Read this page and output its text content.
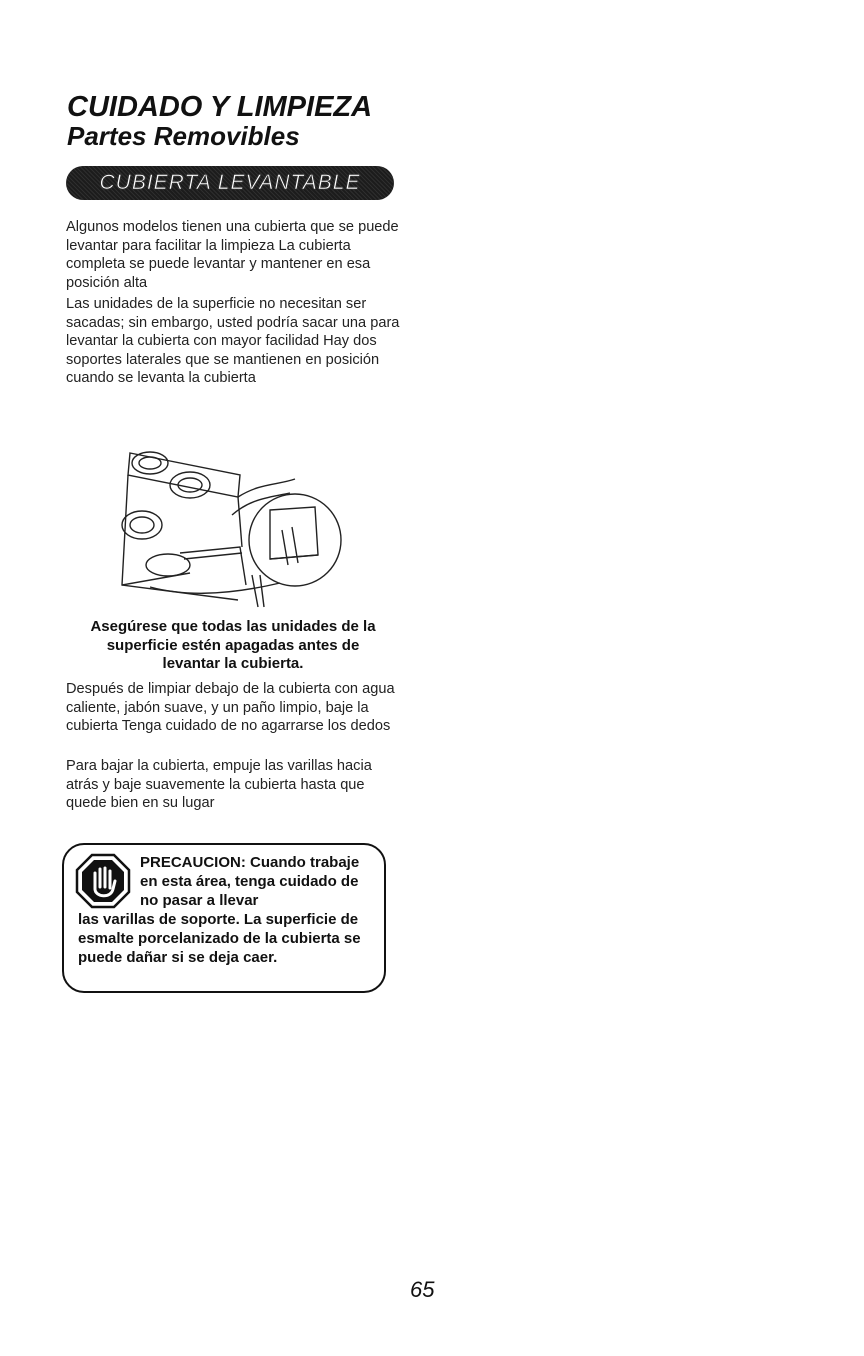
CUIDADO Y LIMPIEZA
Partes Removibles
CUBIERTA LEVANTABLE

Algunos modelos tienen una cubierta que se puede levantar para facilitar la limpieza La cubierta completa se puede levantar y mantener en esa posición alta

Las unidades de la superficie no necesitan ser sacadas; sin embargo, usted podría sacar una para levantar la cubierta con mayor facilidad Hay dos soportes laterales que se mantienen en posición cuando se levanta la cubierta

Asegúrese que todas las unidades de la superficie estén apagadas antes de levantar la cubierta.

Después de limpiar debajo de la cubierta con agua caliente, jabón suave, y un paño limpio, baje la cubierta Tenga cuidado de no agarrarse los dedos

Para bajar la cubierta, empuje las varillas hacia atrás y baje suavemente la cubierta hasta que quede bien en su lugar

PRECAUCION: Cuando trabaje en esta área, tenga cuidado de no pasar a llevar

las varillas de soporte. La superficie de esmalte porcelanizado de la cubierta se puede dañar si se deja caer.

65
